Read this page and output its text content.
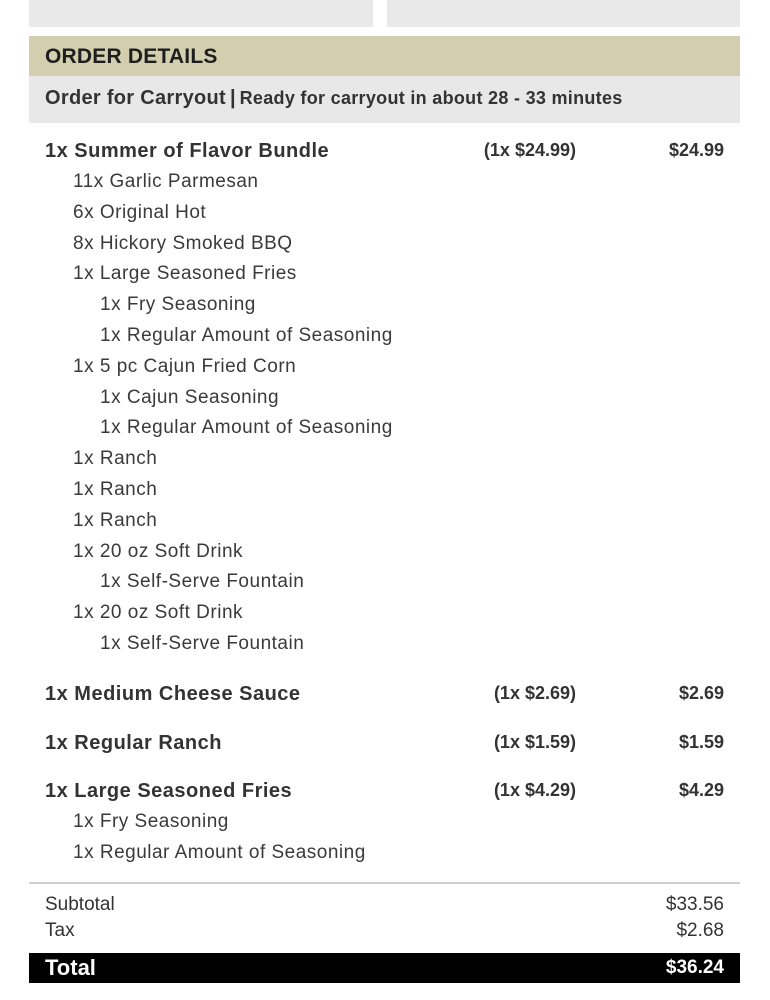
ORDER DETAILS
Order for Carryout | Ready for carryout in about 28 - 33 minutes
1x Summer of Flavor Bundle	(1x $24.99)	$24.99
11x Garlic Parmesan
6x Original Hot
8x Hickory Smoked BBQ
1x Large Seasoned Fries
1x Fry Seasoning
1x Regular Amount of Seasoning
1x 5 pc Cajun Fried Corn
1x Cajun Seasoning
1x Regular Amount of Seasoning
1x Ranch
1x Ranch
1x Ranch
1x 20 oz Soft Drink
1x Self-Serve Fountain
1x 20 oz Soft Drink
1x Self-Serve Fountain
1x Medium Cheese Sauce	(1x $2.69)	$2.69
1x Regular Ranch	(1x $1.59)	$1.59
1x Large Seasoned Fries	(1x $4.29)	$4.29
1x Fry Seasoning
1x Regular Amount of Seasoning
Subtotal	$33.56
Tax	$2.68
Total	$36.24
